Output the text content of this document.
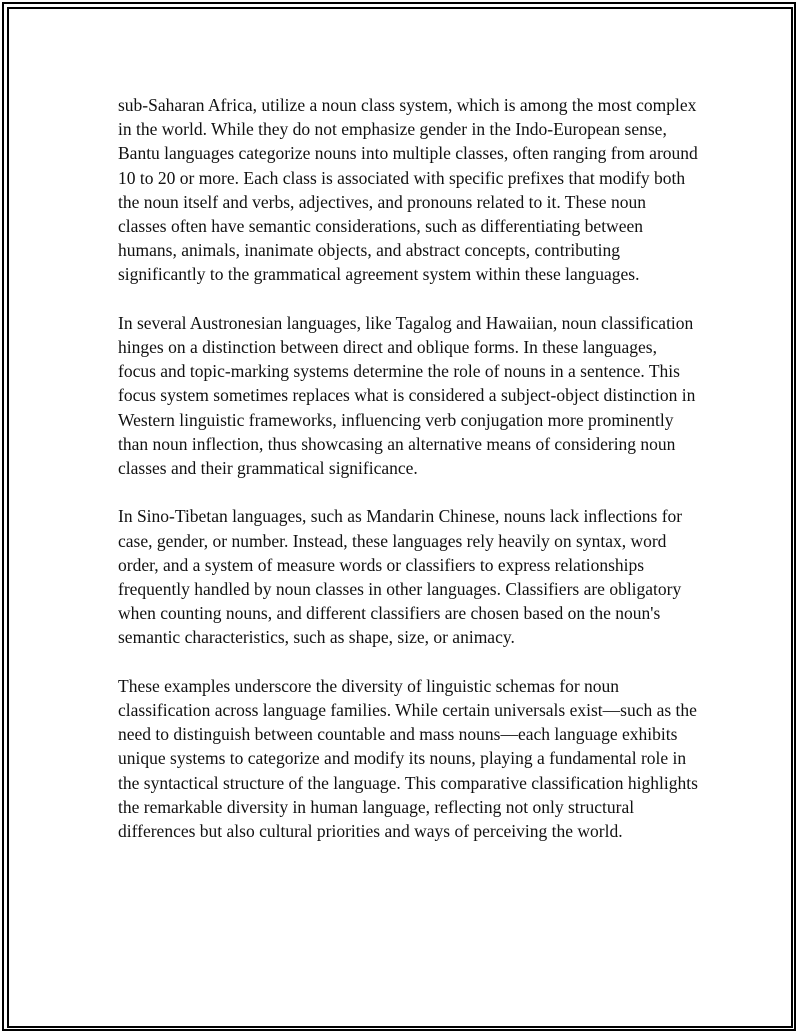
sub-Saharan Africa, utilize a noun class system, which is among the most complex in the world. While they do not emphasize gender in the Indo-European sense, Bantu languages categorize nouns into multiple classes, often ranging from around 10 to 20 or more. Each class is associated with specific prefixes that modify both the noun itself and verbs, adjectives, and pronouns related to it. These noun classes often have semantic considerations, such as differentiating between humans, animals, inanimate objects, and abstract concepts, contributing significantly to the grammatical agreement system within these languages.

In several Austronesian languages, like Tagalog and Hawaiian, noun classification hinges on a distinction between direct and oblique forms. In these languages, focus and topic-marking systems determine the role of nouns in a sentence. This focus system sometimes replaces what is considered a subject-object distinction in Western linguistic frameworks, influencing verb conjugation more prominently than noun inflection, thus showcasing an alternative means of considering noun classes and their grammatical significance.

In Sino-Tibetan languages, such as Mandarin Chinese, nouns lack inflections for case, gender, or number. Instead, these languages rely heavily on syntax, word order, and a system of measure words or classifiers to express relationships frequently handled by noun classes in other languages. Classifiers are obligatory when counting nouns, and different classifiers are chosen based on the noun's semantic characteristics, such as shape, size, or animacy.

These examples underscore the diversity of linguistic schemas for noun classification across language families. While certain universals exist—such as the need to distinguish between countable and mass nouns—each language exhibits unique systems to categorize and modify its nouns, playing a fundamental role in the syntactical structure of the language. This comparative classification highlights the remarkable diversity in human language, reflecting not only structural differences but also cultural priorities and ways of perceiving the world.
